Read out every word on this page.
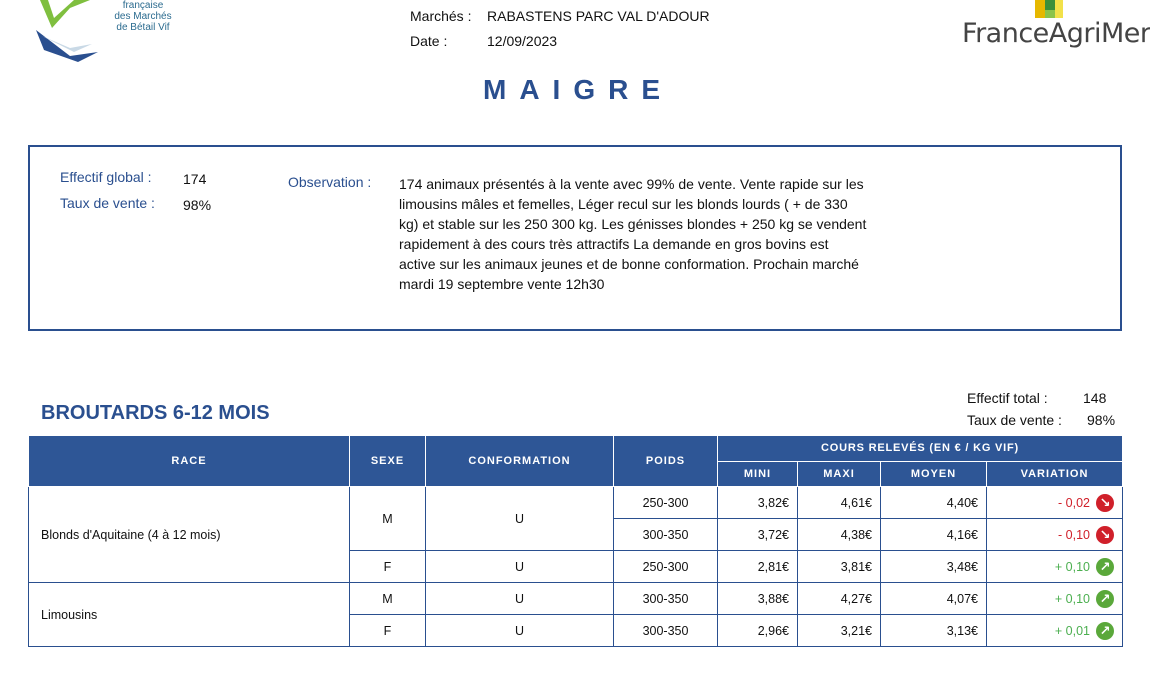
française
des Marchés
de Bétail Vif
Marchés : RABASTENS PARC VAL D'ADOUR
Date :	12/09/2023	FranceAgriMer
MAIGRE
Effectif global : 174
Taux de vente : 98%
Observation : 174 animaux présentés à la vente avec 99% de vente. Vente rapide sur les limousins mâles et femelles, Léger recul sur les blonds lourds ( + de 330 kg) et stable sur les 250 300 kg. Les génisses blondes + 250 kg se vendent rapidement à des cours très attractifs La demande en gros bovins est active sur les animaux jeunes et de bonne conformation. Prochain marché mardi 19 septembre vente 12h30
BROUTARDS 6-12 MOIS
Effectif total :	148
Taux de vente : 98%
RACE	SEXE	CONFORMATION	POIDS	COURS RELEVÉS (EN € / KG VIF)			
				MINI	MAXI	MOYEN	VARIATION
Blonds d'Aquitaine (4 à 12 mois)	M	U	250-300	3,82€	4,61€	4,40€	- 0,02 ↘

			300-350	3,72€	4,38€	4,16€	- 0,10 ↘

	F	U	250-300	2,81€	3,81€	3,48€	+ 0,10 ↗

Limousins	M	U	300-350	3,88€	4,27€	4,07€	+ 0,10 ↗

	F	U	300-350	2,96€	3,21€	3,13€	+ 0,01 ↗
